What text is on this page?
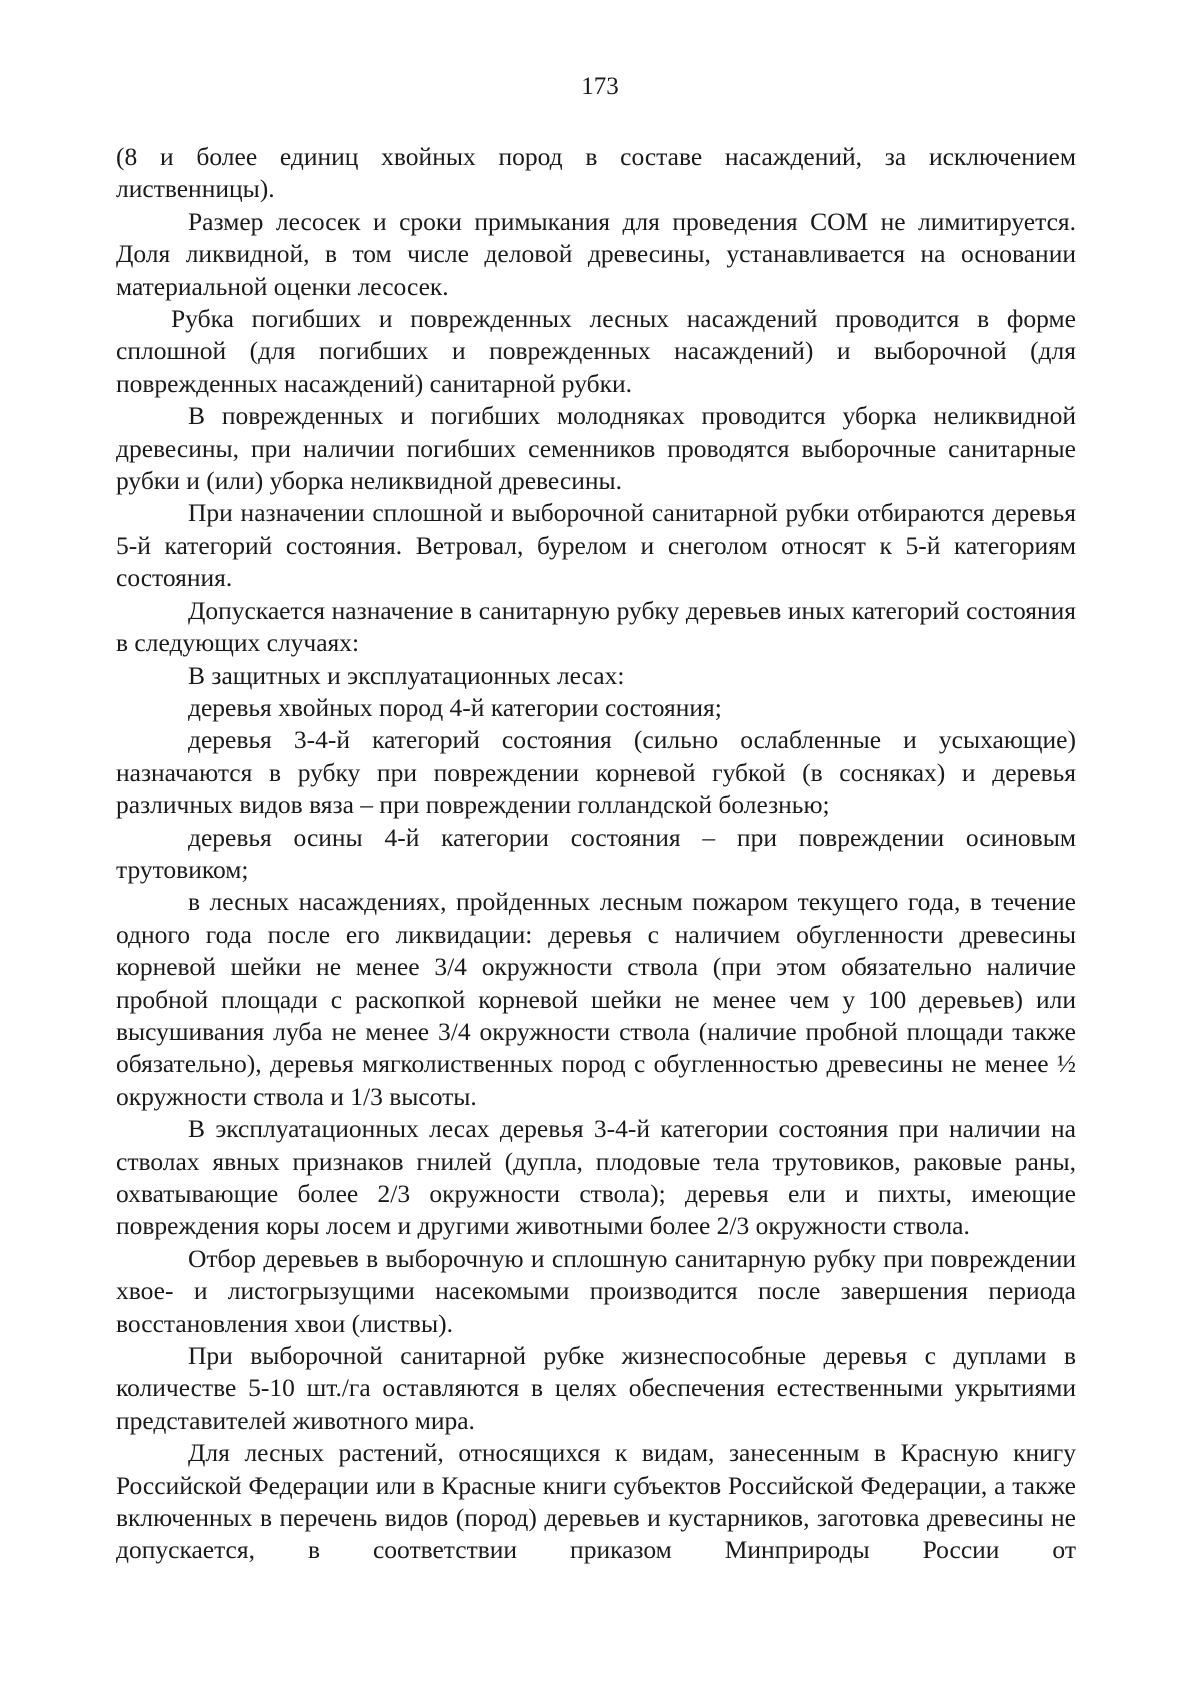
173

(8 и более единиц хвойных пород в составе насаждений, за исключением лиственницы).

Размер лесосек и сроки примыкания для проведения СОМ не лимитируется. Доля ликвидной, в том числе деловой древесины, устанавливается на основании материальной оценки лесосек.

Рубка погибших и поврежденных лесных насаждений проводится в форме сплошной (для погибших и поврежденных насаждений) и выборочной (для поврежденных насаждений) санитарной рубки.

В поврежденных и погибших молодняках проводится уборка неликвидной древесины, при наличии погибших семенников проводятся выборочные санитарные рубки и (или) уборка неликвидной древесины.

При назначении сплошной и выборочной санитарной рубки отбираются деревья 5-й категорий состояния. Ветровал, бурелом и снеголом относят к 5-й категориям состояния.

Допускается назначение в санитарную рубку деревьев иных категорий состояния в следующих случаях:

В защитных и эксплуатационных лесах:

деревья хвойных пород 4-й категории состояния;

деревья 3-4-й категорий состояния (сильно ослабленные и усыхающие) назначаются в рубку при повреждении корневой губкой (в сосняках) и деревья различных видов вяза – при повреждении голландской болезнью;

деревья осины 4-й категории состояния – при повреждении осиновым трутовиком;

в лесных насаждениях, пройденных лесным пожаром текущего года, в течение одного года после его ликвидации: деревья с наличием обугленности древесины корневой шейки не менее 3/4 окружности ствола (при этом обязательно наличие пробной площади с раскопкой корневой шейки не менее чем у 100 деревьев) или высушивания луба не менее 3/4 окружности ствола (наличие пробной площади также обязательно), деревья мягколиственных пород с обугленностью древесины не менее ½ окружности ствола и 1/3 высоты.

В эксплуатационных лесах деревья 3-4-й категории состояния при наличии на стволах явных признаков гнилей (дупла, плодовые тела трутовиков, раковые раны, охватывающие более 2/3 окружности ствола); деревья ели и пихты, имеющие повреждения коры лосем и другими животными более 2/3 окружности ствола.

Отбор деревьев в выборочную и сплошную санитарную рубку при повреждении хвое- и листогрызущими насекомыми производится после завершения периода восстановления хвои (листвы).

При выборочной санитарной рубке жизнеспособные деревья с дуплами в количестве 5-10 шт./га оставляются в целях обеспечения естественными укрытиями представителей животного мира.

Для лесных растений, относящихся к видам, занесенным в Красную книгу Российской Федерации или в Красные книги субъектов Российской Федерации, а также включенных в перечень видов (пород) деревьев и кустарников, заготовка древесины не допускается, в соответствии приказом Минприроды России от
